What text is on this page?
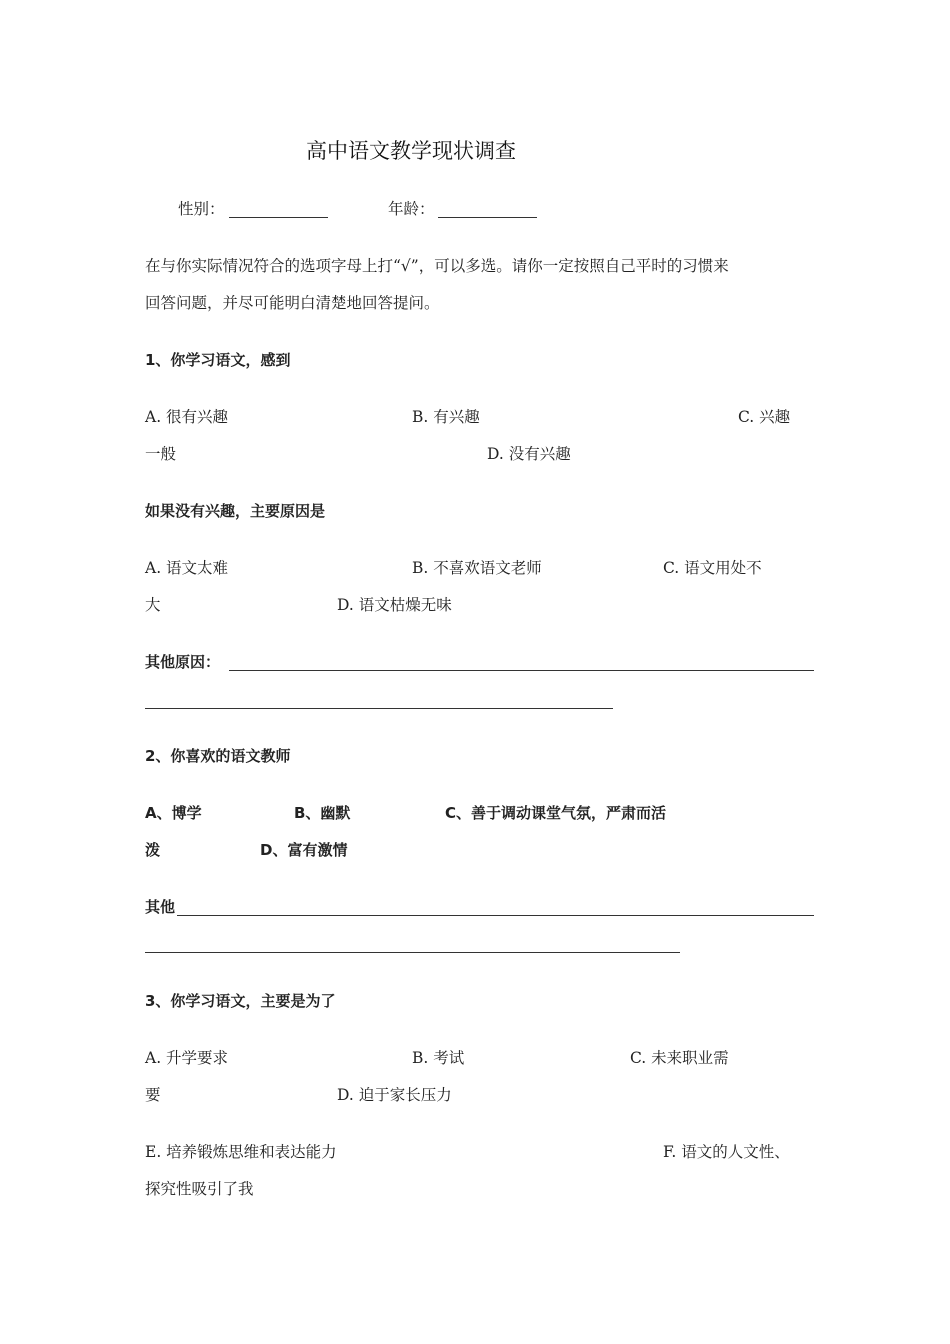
高中语文教学现状调查
性别：	年龄：
在与你实际情况符合的选项字母上打“√”，可以多选。请你一定按照自己平时的习惯来
回答问题，并尽可能明白清楚地回答提问。
1、你学习语文，感到
A. 很有兴趣	B. 有兴趣	C. 兴趣
一般	D. 没有兴趣
如果没有兴趣，主要原因是
A. 语文太难	B. 不喜欢语文老师	C. 语文用处不
大	D. 语文枯燥无味
其他原因：
2、你喜欢的语文教师
A、博学	B、幽默	C、善于调动课堂气氛，严肃而活
泼	D、富有激情
其他
3、你学习语文，主要是为了
A. 升学要求	B. 考试	C. 未来职业需
要	D. 迫于家长压力
E. 培养锻炼思维和表达能力	F. 语文的人文性、
探究性吸引了我
